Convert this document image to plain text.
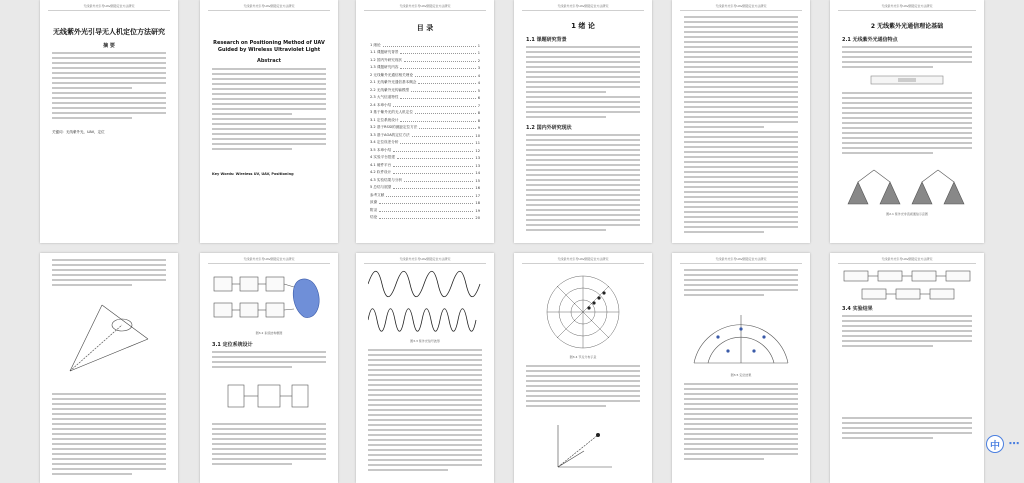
无线紫外光引导UAV跟随定位方法研究
无线紫外光引导无人机定位方法研究
摘 要
关键词：无线紫外光，UAV，定位
无线紫外光引导UAV跟随定位方法研究
Research on Positioning Method of UAV Guided by Wireless Ultraviolet Light
Abstract
Key Words: Wireless UV, UAV, Positioning
无线紫外光引导UAV跟随定位方法研究
目 录
1 绪论	1
1.1 课题研究背景	1
1.2 国内外研究现状	2
1.3 课题研究内容	3
2 无线紫外光通信相关理论	4
2.1 无线紫外光通信基本概念	4
2.2 无线紫外光传输模型	5
2.3 大气信道特性	6
2.4 本章小结	7
3 基于紫外光的无人机定位	8
3.1 定位系统设计	8
3.2 基于RSSI的测距定位方法	9
3.3 基于AOA的定位方法	10
3.4 定位误差分析	11
3.5 本章小结	12
4 实验平台搭建	13
4.1 硬件平台	13
4.2 软件设计	14
4.3 实验结果与分析	15
5 总结与展望	16
参考文献	17
致谢	18
附录	19
结论	20
无线紫外光引导UAV跟随定位方法研究
1 绪 论
1.1 课题研究背景
1.2 国内外研究现状
无线紫外光引导UAV跟随定位方法研究	无线紫外光引导UAV跟随定位方法研究
2 无线紫外光通信理论基础
2.1 无线紫外光通信特点
图2.1 紫外光非直视通信示意图
无线紫外光引导UAV跟随定位方法研究
图3.2 系统结构框图
3.1 定位系统设计
无线紫外光引导UAV跟随定位方法研究
图3.3 紫外光信号波形
无线紫外光引导UAV跟随定位方法研究
图3.4 节点分布示意
无线紫外光引导UAV跟随定位方法研究
图3.5 定位结果
无线紫外光引导UAV跟随定位方法研究
3.4 实验结果
中 ⋯
